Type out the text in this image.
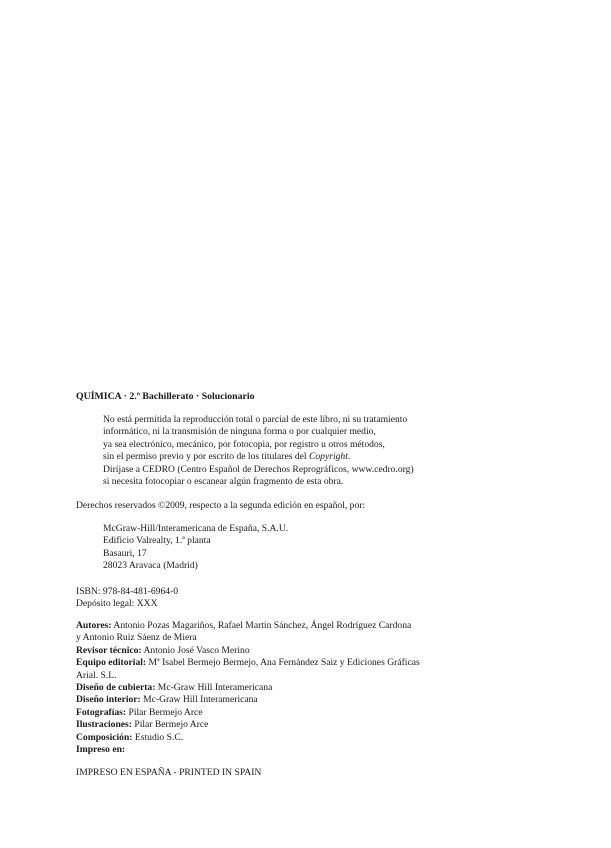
QUÍMICA · 2.º Bachillerato · Solucionario
No está permitida la reproducción total o parcial de este libro, ni su tratamiento
informático, ni la transmisión de ninguna forma o por cualquier medio,
ya sea electrónico, mecánico, por fotocopia, por registro u otros métodos,
sin el permiso previo y por escrito de los titulares del Copyright.
Diríjase a CEDRO (Centro Español de Derechos Reprográficos, www.cedro.org)
si necesita fotocopiar o escanear algún fragmento de esta obra.
Derechos reservados ©2009, respecto a la segunda edición en español, por:
McGraw-Hill/Interamericana de España, S.A.U.
Edificio Valrealty, 1.ª planta
Basauri, 17
28023 Aravaca (Madrid)
ISBN: 978-84-481-6964-0
Depósito legal: XXX
Autores: Antonio Pozas Magariños, Rafael Martín Sánchez, Ángel Rodríguez Cardona
y Antonio Ruiz Sáenz de Miera
Revisor técnico: Antonio José Vasco Merino
Equipo editorial: Mª Isabel Bermejo Bermejo, Ana Fernández Saiz y Ediciones Gráficas
Arial. S.L.
Diseño de cubierta: Mc-Graw Hill Interamericana
Diseño interior: Mc-Graw Hill Interamericana
Fotografías: Pilar Bermejo Arce
Ilustraciones: Pilar Bermejo Arce
Composición: Estudio S.C.
Impreso en:
IMPRESO EN ESPAÑA - PRINTED IN SPAIN
